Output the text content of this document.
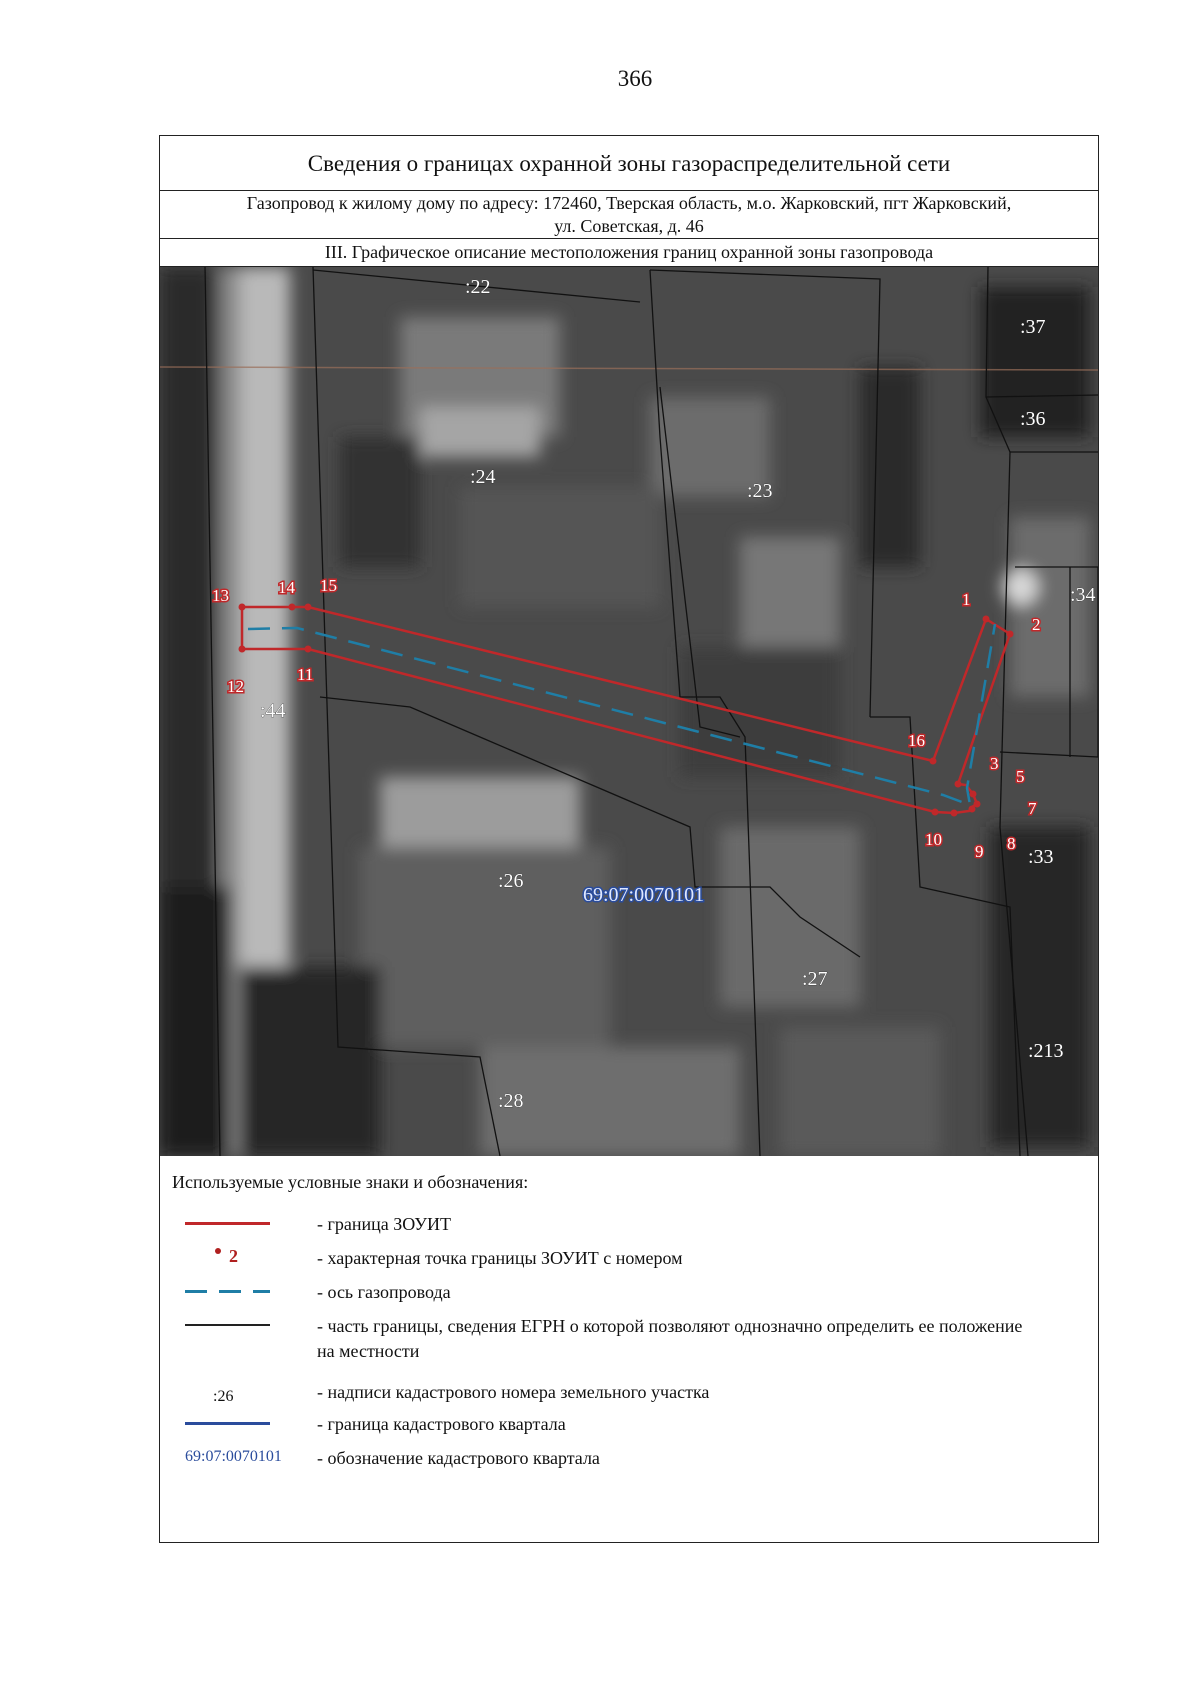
366
Сведения о границах охранной зоны газораспределительной сети
Газопровод к жилому дому по адресу: 172460, Тверская область, м.о. Жарковский, пгт Жарковский,
ул. Советская, д. 46
III. Графическое описание местоположения границ охранной зоны газопровода
1
2
3
5
7
8
9
10
11
12
13	14 15
16
:22
:37
:36
:24
:23
:34
:44
:26
:33
:27
:213
:28
69:07:0070101
Используемые условные знаки и обозначения:
- граница ЗОУИТ
2	- характерная точка границы ЗОУИТ с номером
- ось газопровода
- часть границы, сведения ЕГРН о которой позволяют однозначно определить ее положение на местности
:26	- надписи кадастрового номера земельного участка
- граница кадастрового квартала
69:07:0070101	- обозначение кадастрового квартала
